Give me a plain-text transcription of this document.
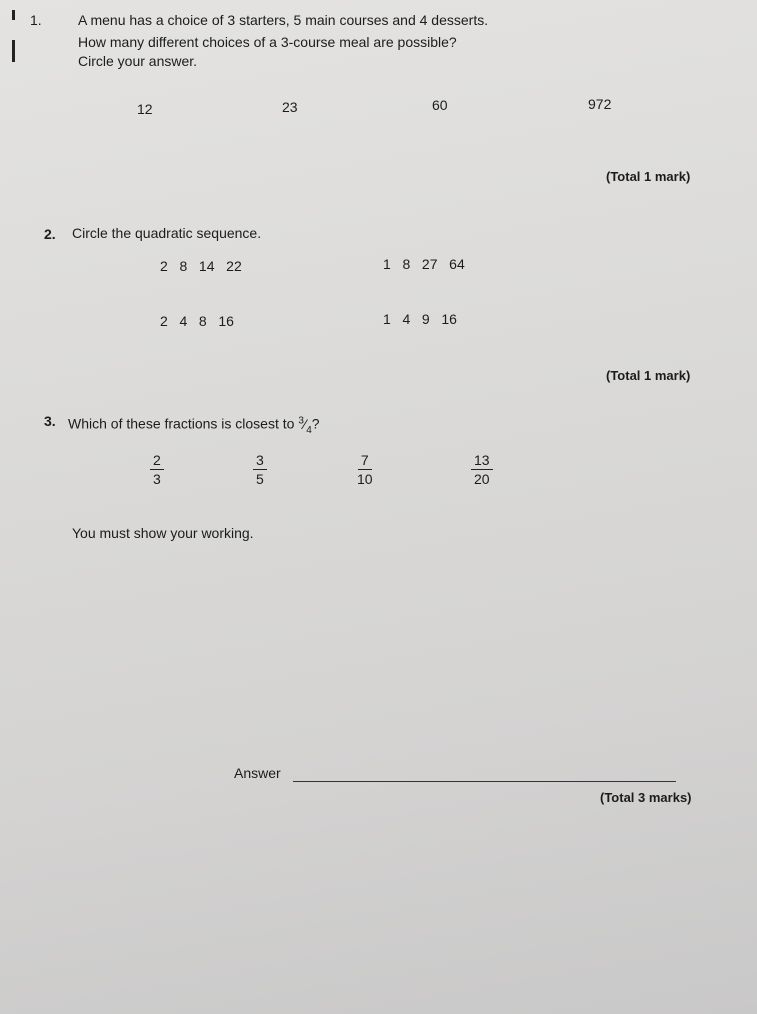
1.	A menu has a choice of 3 starters, 5 main courses and 4 desserts.
How many different choices of a 3-course meal are possible?
Circle your answer.
12	23	60	972
(Total 1 mark)
2. Circle the quadratic sequence.
2   8   14   22	1   8   27   64
2   4   8   16	1   4   9   16
(Total 1 mark)
3. Which of these fractions is closest to $^3⁄_4$?
$\frac{2}{3}$	$\frac{3}{5}$	$\frac{7}{10}$	$\frac{13}{20}$
You must show your working.
Answer
(Total 3 marks)
